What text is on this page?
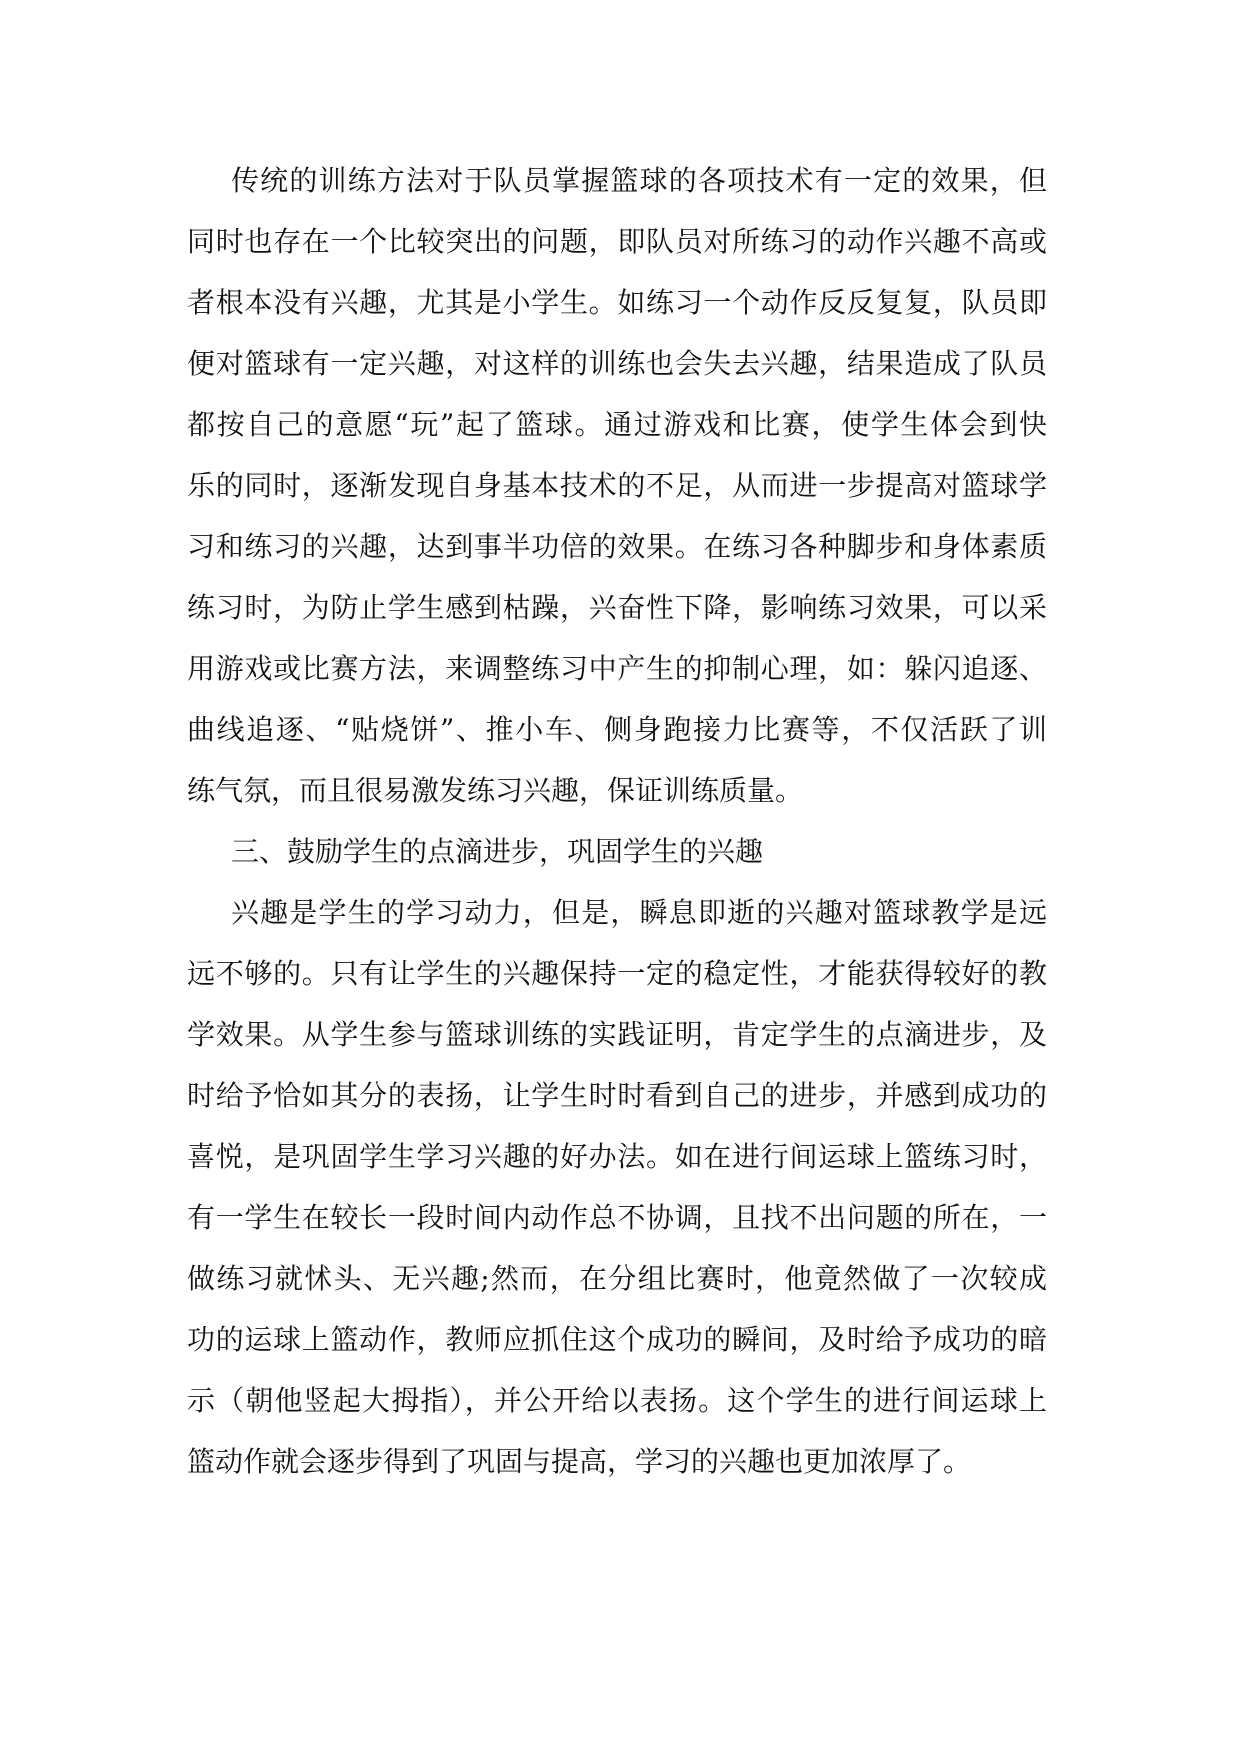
传统的训练方法对于队员掌握篮球的各项技术有一定的效果，但
同时也存在一个比较突出的问题，即队员对所练习的动作兴趣不高或
者根本没有兴趣，尤其是小学生。如练习一个动作反反复复，队员即
便对篮球有一定兴趣，对这样的训练也会失去兴趣，结果造成了队员
都按自己的意愿“玩”起了篮球。通过游戏和比赛，使学生体会到快
乐的同时，逐渐发现自身基本技术的不足，从而进一步提高对篮球学
习和练习的兴趣，达到事半功倍的效果。在练习各种脚步和身体素质
练习时，为防止学生感到枯躁，兴奋性下降，影响练习效果，可以采
用游戏或比赛方法，来调整练习中产生的抑制心理，如：躲闪追逐、
曲线追逐、“贴烧饼”、推小车、侧身跑接力比赛等，不仅活跃了训
练气氛，而且很易激发练习兴趣，保证训练质量。
三、鼓励学生的点滴进步，巩固学生的兴趣
兴趣是学生的学习动力，但是，瞬息即逝的兴趣对篮球教学是远
远不够的。只有让学生的兴趣保持一定的稳定性，才能获得较好的教
学效果。从学生参与篮球训练的实践证明，肯定学生的点滴进步，及
时给予恰如其分的表扬，让学生时时看到自己的进步，并感到成功的
喜悦，是巩固学生学习兴趣的好办法。如在进行间运球上篮练习时，
有一学生在较长一段时间内动作总不协调，且找不出问题的所在，一
做练习就怵头、无兴趣;然而，在分组比赛时，他竟然做了一次较成
功的运球上篮动作，教师应抓住这个成功的瞬间，及时给予成功的暗
示（朝他竖起大拇指），并公开给以表扬。这个学生的进行间运球上
篮动作就会逐步得到了巩固与提高，学习的兴趣也更加浓厚了。
